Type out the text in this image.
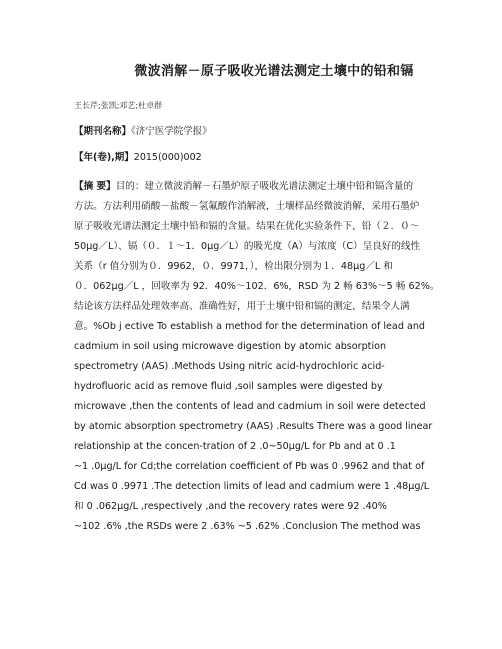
微波消解－原子吸收光谱法测定土壤中的铅和镉
王长芹;张凯;邓艺;杜卓群
【期刊名称】《济宁医学院学报》
【年(卷),期】2015(000)002
【摘 要】目的：建立微波消解－石墨炉原子吸收光谱法测定土壤中铅和镉含量的
方法。方法利用硝酸－盐酸－氢氟酸作消解液，土壤样品经微波消解，采用石墨炉
原子吸收光谱法测定土壤中铅和镉的含量。结果在优化实验条件下，铅（２．０～
50μg／L）、镉（０．１～1．0μg／L）的吸光度（A）与浓度（C）呈良好的线性
关系（r 值分别为０．9962，０．9971，），检出限分别为１．48μg／L 和
０．062μg／L ，回收率为 92．40%～102．6%，RSD 为 2 畅 63%～5 畅 62%。
结论该方法样品处理效率高、准确性好，用于土壤中铅和镉的测定，结果令人满
意。%Ob j ective To establish a method for the determination of lead and
cadmium in soil using microwave digestion by atomic absorption
spectrometry (AAS) .Methods Using nitric acid-hydrochloric acid-
hydrofluoric acid as remove fluid ,soil samples were digested by
microwave ,then the contents of lead and cadmium in soil were detected
by atomic absorption spectrometry (AAS) .Results There was a good linear
relationship at the concen-tration of 2 .0~50μg/L for Pb and at 0 .1
~1 .0μg/L for Cd;the correlation coefficient of Pb was 0 .9962 and that of
Cd was 0 .9971 .The detection limits of lead and cadmium were 1 .48μg/L
和 0 .062μg/L ,respectively ,and the recovery rates were 92 .40%
~102 .6% ,the RSDs were 2 .63% ~5 .62% .Conclusion The method was
